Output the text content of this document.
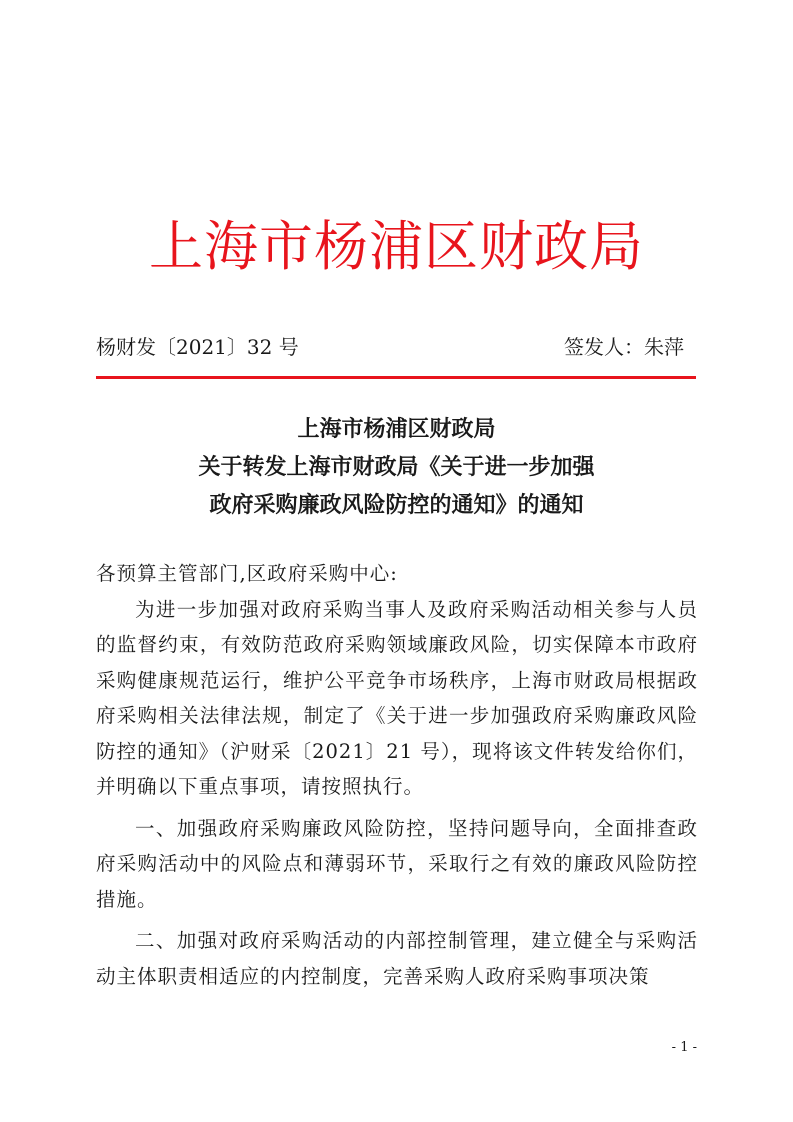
上海市杨浦区财政局
杨财发〔2021〕32 号	签发人：朱萍
上海市杨浦区财政局
关于转发上海市财政局《关于进一步加强
政府采购廉政风险防控的通知》的通知

各预算主管部门,区政府采购中心:

为进一步加强对政府采购当事人及政府采购活动相关参与人员的监督约束，有效防范政府采购领域廉政风险，切实保障本市政府采购健康规范运行，维护公平竞争市场秩序，上海市财政局根据政府采购相关法律法规，制定了《关于进一步加强政府采购廉政风险防控的通知》（沪财采〔2021〕21 号），现将该文件转发给你们，并明确以下重点事项，请按照执行。

一、加强政府采购廉政风险防控，坚持问题导向，全面排查政府采购活动中的风险点和薄弱环节，采取行之有效的廉政风险防控措施。

二、加强对政府采购活动的内部控制管理，建立健全与采购活动主体职责相适应的内控制度，完善采购人政府采购事项决策

- 1 -
